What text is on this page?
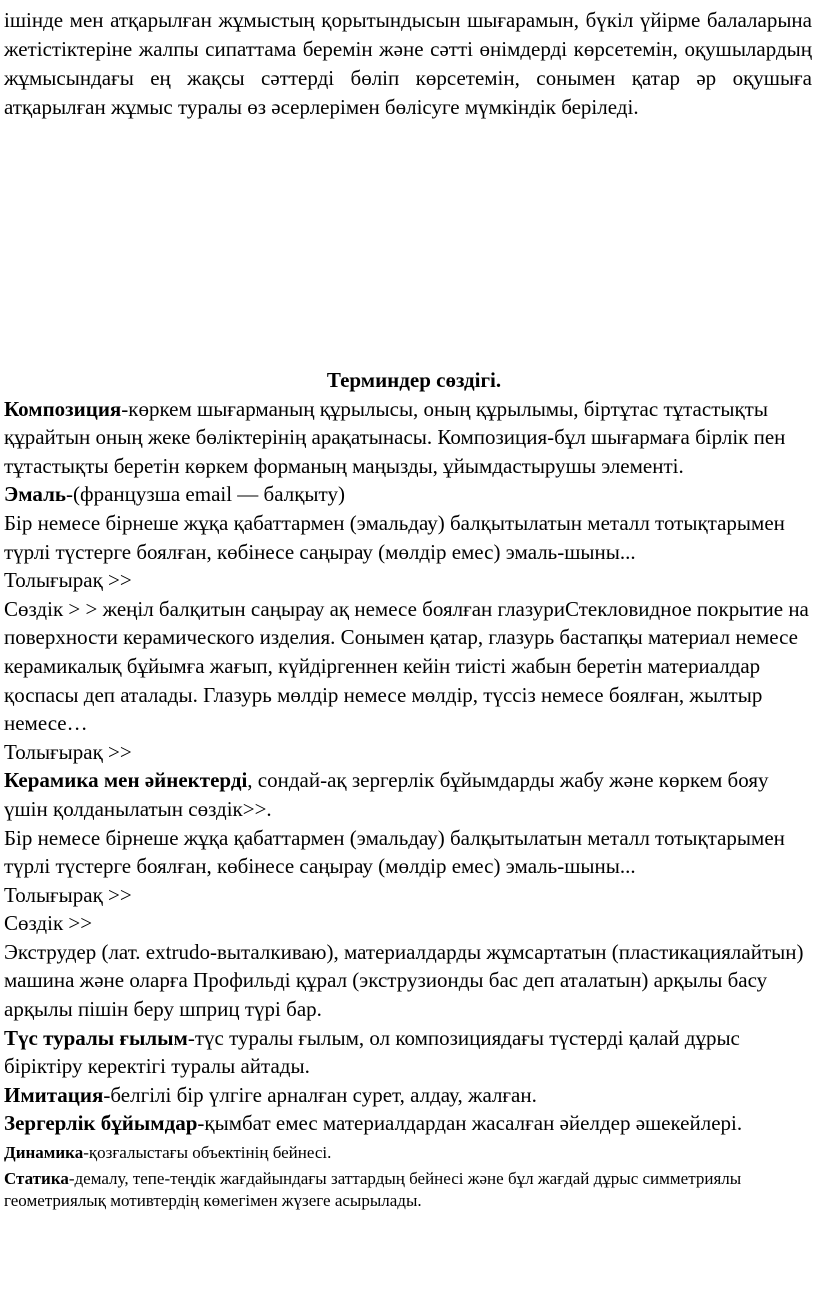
ішінде мен атқарылған жұмыстың қорытындысын шығарамын, бүкіл үйірме балаларына жетістіктеріне жалпы сипаттама беремін және сәтті өнімдерді көрсетемін, оқушылардың жұмысындағы ең жақсы сәттерді бөліп көрсетемін, сонымен қатар әр оқушыға атқарылған жұмыс туралы өз әсерлерімен бөлісуге мүмкіндік беріледі.

Терминдер сөздігі.

Композиция-көркем шығарманың құрылысы, оның құрылымы, біртұтас тұтастықты құрайтын оның жеке бөліктерінің арақатынасы. Композиция-бұл шығармаға бірлік пен тұтастықты беретін көркем форманың маңызды, ұйымдастырушы элементі.

Эмаль-(французша email — балқыту)

Бір немесе бірнеше жұқа қабаттармен (эмальдау) балқытылатын металл тотықтарымен түрлі түстерге боялған, көбінесе саңырау (мөлдір емес) эмаль-шыны...

Толығырақ >>

Сөздік > > жеңіл балқитын саңырау ақ немесе боялған глазуриСтекловидное покрытие на поверхности керамического изделия. Сонымен қатар, глазурь бастапқы материал немесе керамикалық бұйымға жағып, күйдіргеннен кейін тиісті жабын беретін материалдар қоспасы деп аталады. Глазурь мөлдір немесе мөлдір, түссіз немесе боялған, жылтыр немесе…

Толығырақ >>

Керамика мен әйнектерді, сондай-ақ зергерлік бұйымдарды жабу және көркем бояу үшін қолданылатын сөздік>>.

Бір немесе бірнеше жұқа қабаттармен (эмальдау) балқытылатын металл тотықтарымен түрлі түстерге боялған, көбінесе саңырау (мөлдір емес) эмаль-шыны...

Толығырақ >>

Сөздік >>

Экструдер (лат. extrudo-выталкиваю), материалдарды жұмсартатын (пластикациялайтын) машина және оларға Профильді құрал (экструзионды бас деп аталатын) арқылы басу арқылы пішін беру шприц түрі бар.

Түс туралы ғылым-түс туралы ғылым, ол композициядағы түстерді қалай дұрыс біріктіру керектігі туралы айтады.

Имитация-белгілі бір үлгіге арналған сурет, алдау, жалған.

Зергерлік бұйымдар-қымбат емес материалдардан жасалған әйелдер әшекейлері.

Динамика-қозғалыстағы объектінің бейнесі.

Статика-демалу, тепе-теңдік жағдайындағы заттардың бейнесі және бұл жағдай дұрыс симметриялы геометриялық мотивтердің көмегімен жүзеге асырылады.
